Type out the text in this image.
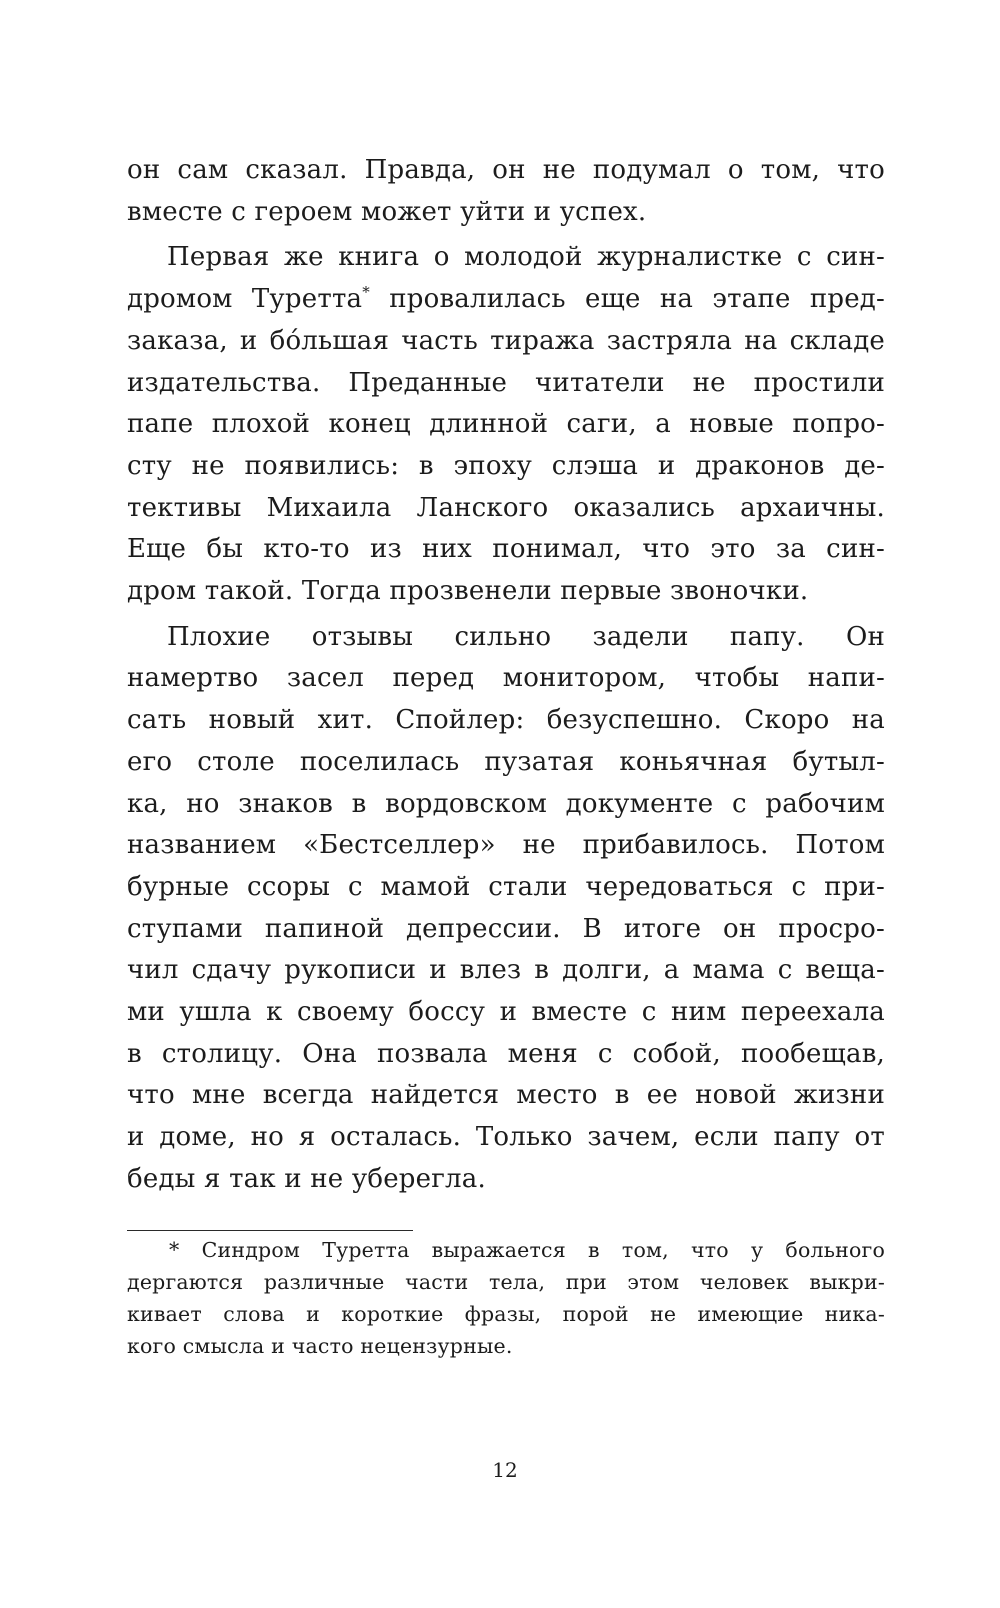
он сам сказал. Правда, он не подумал о том, что
вместе с героем может уйти и успех.
Первая же книга о молодой журналистке с син-
дромом Туретта* провалилась еще на этапе пред-
заказа, и бо́льшая часть тиража застряла на складе
издательства. Преданные читатели не простили
папе плохой конец длинной саги, а новые попро-
сту не появились: в эпоху слэша и драконов де-
тективы Михаила Ланского оказались архаичны.
Еще бы кто-то из них понимал, что это за син-
дром такой. Тогда прозвенели первые звоночки.
Плохие отзывы сильно задели папу. Он
намертво засел перед монитором, чтобы напи-
сать новый хит. Спойлер: безуспешно. Скоро на
его столе поселилась пузатая коньячная бутыл-
ка, но знаков в вордовском документе с рабочим
названием «Бестселлер» не прибавилось. Потом
бурные ссоры с мамой стали чередоваться с при-
ступами папиной депрессии. В итоге он просро-
чил сдачу рукописи и влез в долги, а мама с веща-
ми ушла к своему боссу и вместе с ним переехала
в столицу. Она позвала меня с собой, пообещав,
что мне всегда найдется место в ее новой жизни
и доме, но я осталась. Только зачем, если папу от
беды я так и не уберегла.
* Синдром Туретта выражается в том, что у больного
дергаются различные части тела, при этом человек выкри-
кивает слова и короткие фразы, порой не имеющие ника-
кого смысла и часто нецензурные.
12
